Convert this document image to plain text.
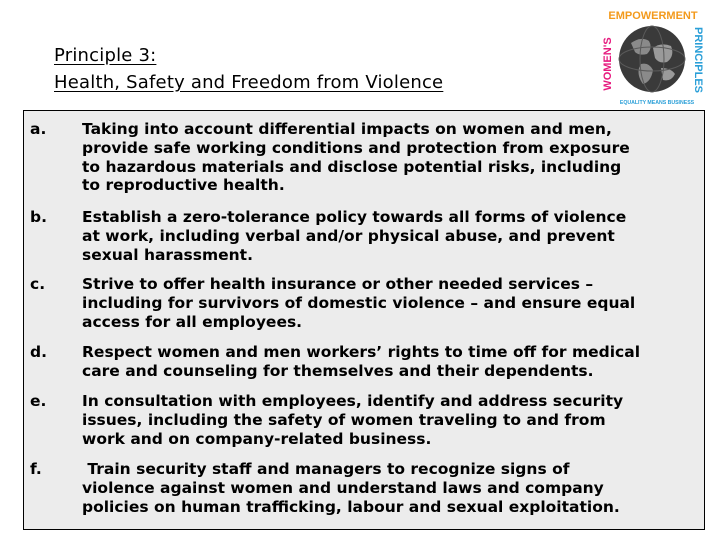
Principle 3:
Health, Safety and Freedom from Violence
EMPOWERMENT
WOMEN'S	PRINCIPLES
EQUALITY MEANS BUSINESS
a. Taking into account differential impacts on women and men,
provide safe working conditions and protection from exposure
to hazardous materials and disclose potential risks, including
to reproductive health.
b. Establish a zero-tolerance policy towards all forms of violence
at work, including verbal and/or physical abuse, and prevent
sexual harassment.
c. Strive to offer health insurance or other needed services –
including for survivors of domestic violence – and ensure equal
access for all employees.
d. Respect women and men workers’ rights to time off for medical
care and counseling for themselves and their dependents.
e. In consultation with employees, identify and address security
issues, including the safety of women traveling to and from
work and on company-related business.
f.	Train security staff and managers to recognize signs of
violence against women and understand laws and company
policies on human trafficking, labour and sexual exploitation.
